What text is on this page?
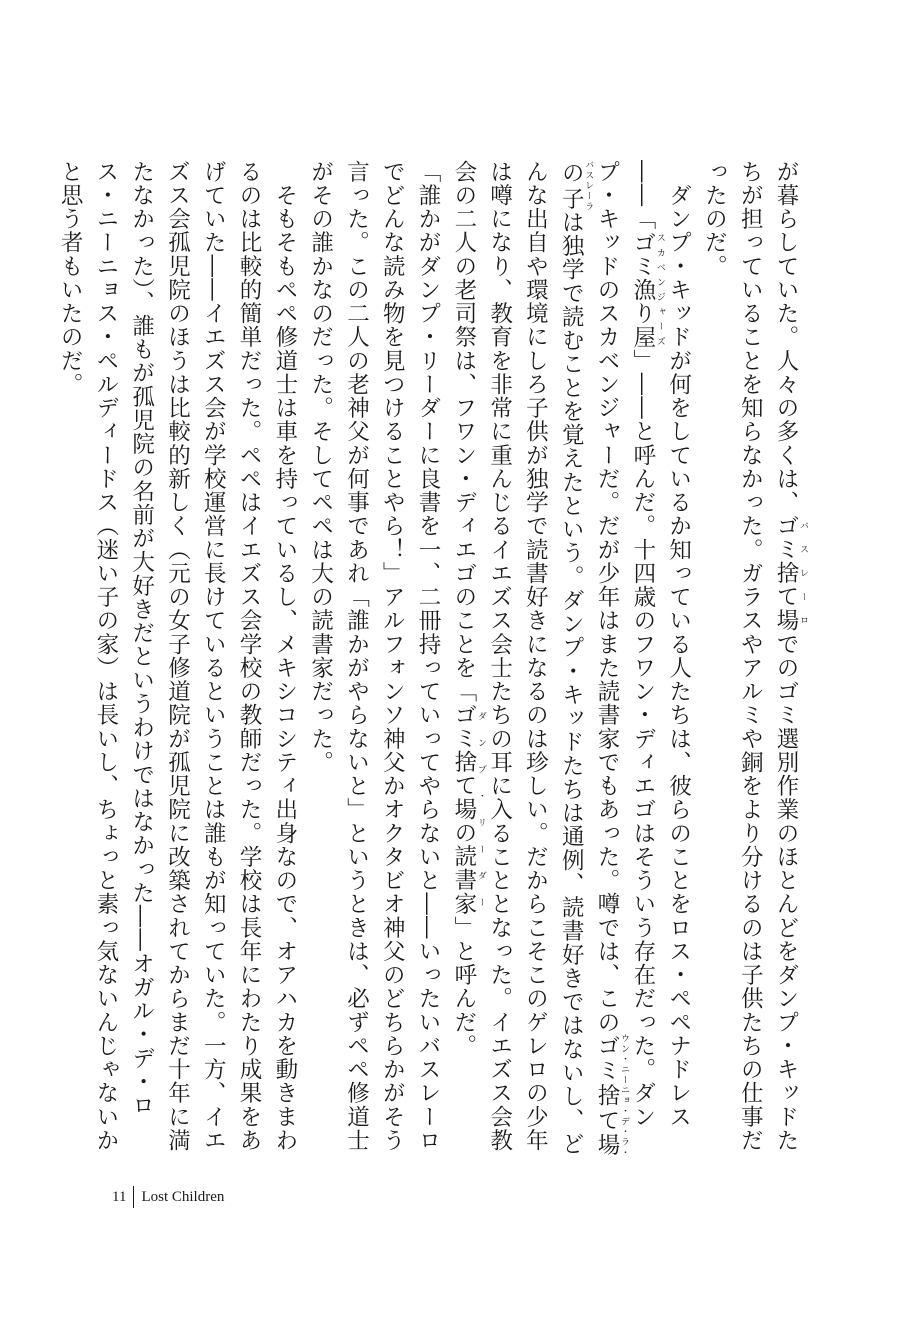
が暮らしていた。人々の多くは、ゴミ捨て場 バスレーロでのゴミ選別作業のほとんどをダンプ・キッドたちが担っていることを知らなかった。ガラスやアルミや銅をより分けるのは子供たちの仕事だったのだ。

　ダンプ・キッドが何をしているか知っている人たちは、彼らのことをロス・ペペナドレス――「ゴミ漁り屋 スカベンジャーズ」――と呼んだ。十四歳のフワン・ディエゴはそういう存在だった。ダンプ・キッドのスカベンジャーだ。だが少年はまた読書家でもあった。噂では、このゴミ捨て場の子ウン・ニーニョ・デ・ラ・バスレーラは独学で読むことを覚えたという。ダンプ・キッドたちは通例、読書好きではないし、どんな出自や環境にしろ子供が独学で読書好きになるのは珍しい。だからこそこのゲレロの少年は噂になり、教育を非常に重んじるイエズス会士たちの耳に入ることとなった。イエズス会教会の二人の老司祭は、フワン・ディエゴのことを「ゴミ捨て場の読書家 ダンプ・リーダー」と呼んだ。

「誰かがダンプ・リーダーに良書を一、二冊持っていってやらないと――いったいバスレーロでどんな読み物を見つけることやら！」アルフォンソ神父かオクタビオ神父のどちらかがそう言った。この二人の老神父が何事であれ「誰かがやらないと」というときは、必ずペペ修道士がその誰かなのだった。そしてペペは大の読書家だった。

　そもそもペペ修道士は車を持っているし、メキシコシティ出身なので、オアハカを動きまわるのは比較的簡単だった。ペペはイエズス会学校の教師だった。学校は長年にわたり成果をあげていた――イエズス会が学校運営に長けているということは誰もが知っていた。一方、イエズス会孤児院のほうは比較的新しく（元の女子修道院が孤児院に改築されてからまだ十年に満たなかった）、誰もが孤児院の名前が大好きだというわけではなかった――オガル・デ・ロス・ニーニョス・ペルディードス（迷い子の家）は長いし、ちょっと素っ気ないんじゃないかと思う者もいたのだ。

11 Lost Children
